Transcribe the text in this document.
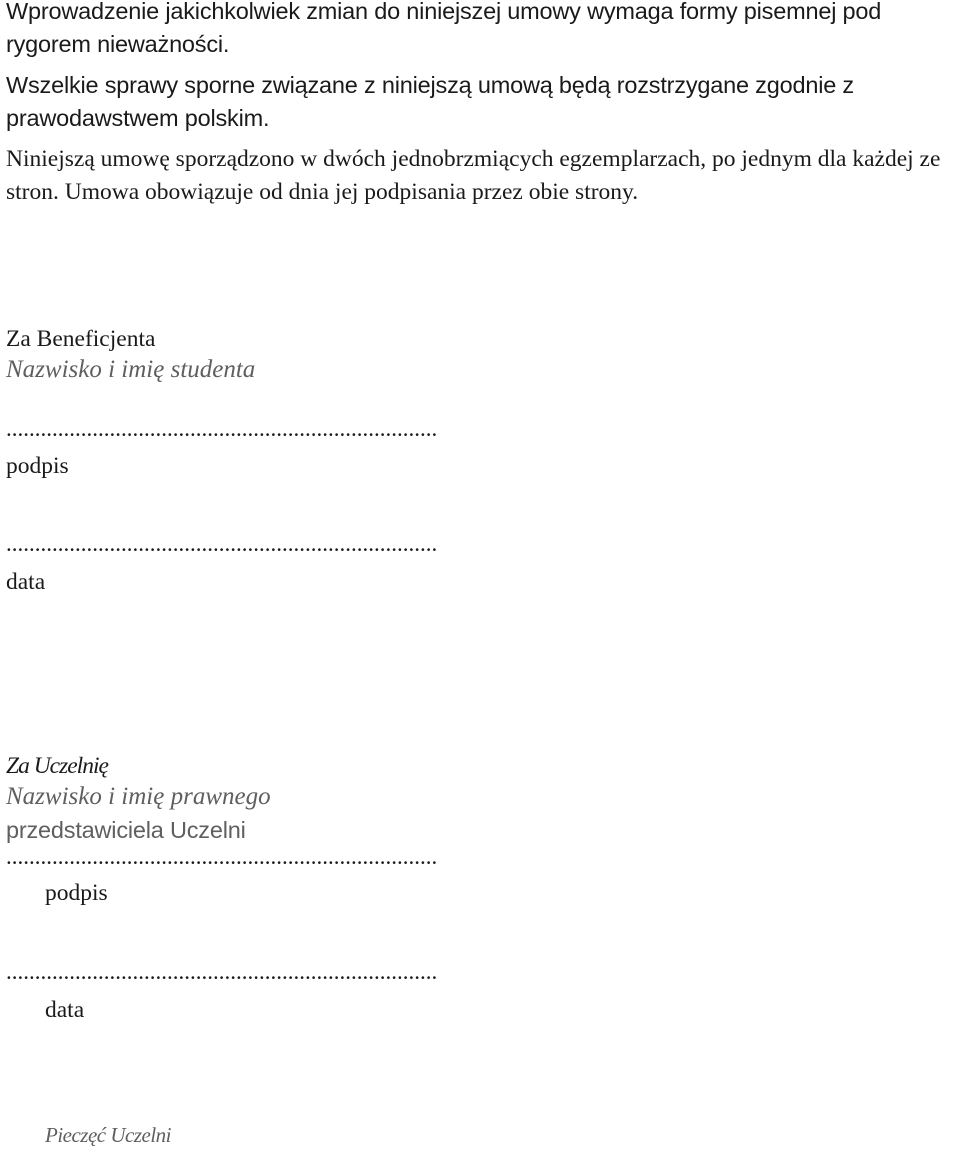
Wprowadzenie jakichkolwiek zmian do niniejszej umowy wymaga formy pisemnej pod rygorem nieważności.
Wszelkie sprawy sporne związane z niniejszą umową będą rozstrzygane zgodnie z prawodawstwem polskim.
Niniejszą umowę sporządzono w dwóch jednobrzmiących egzemplarzach, po jednym dla każdej ze stron. Umowa obowiązuje od dnia jej podpisania przez obie strony.
Za Beneficjenta
Nazwisko i imię studenta
...........................................................................
podpis
...........................................................................
data
Za Uczelnię
Nazwisko i imię prawnego
przedstawiciela Uczelni
...........................................................................
podpis
...........................................................................
data
Pieczęć Uczelni
